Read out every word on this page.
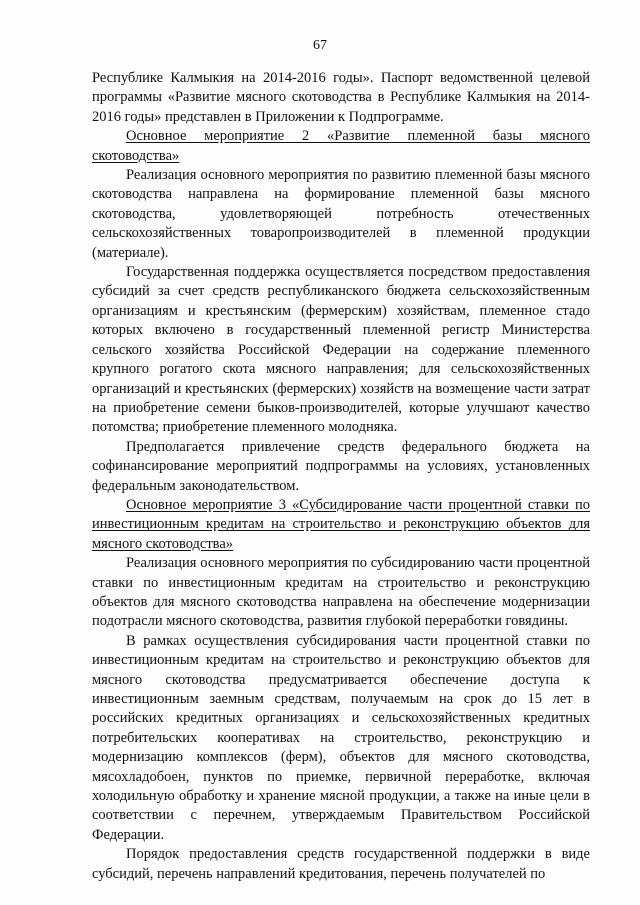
67

Республике Калмыкия на 2014-2016 годы». Паспорт ведомственной целевой программы «Развитие мясного скотоводства в Республике Калмыкия на 2014-2016 годы» представлен в Приложении к Подпрограмме.

Основное мероприятие 2 «Развитие племенной базы мясного скотоводства»

Реализация основного мероприятия по развитию племенной базы мясного скотоводства направлена на формирование племенной базы мясного скотоводства, удовлетворяющей потребность отечественных сельскохозяйственных товаропроизводителей в племенной продукции (материале).

Государственная поддержка осуществляется посредством предоставления субсидий за счет средств республиканского бюджета сельскохозяйственным организациям и крестьянским (фермерским) хозяйствам, племенное стадо которых включено в государственный племенной регистр Министерства сельского хозяйства Российской Федерации на содержание племенного крупного рогатого скота мясного направления; для сельскохозяйственных организаций и крестьянских (фермерских) хозяйств на возмещение части затрат на приобретение семени быков-производителей, которые улучшают качество потомства; приобретение племенного молодняка.

Предполагается привлечение средств федерального бюджета на софинансирование мероприятий подпрограммы на условиях, установленных федеральным законодательством.

Основное мероприятие 3 «Субсидирование части процентной ставки по инвестиционным кредитам на строительство и реконструкцию объектов для мясного скотоводства»

Реализация основного мероприятия по субсидированию части процентной ставки по инвестиционным кредитам на строительство и реконструкцию объектов для мясного скотоводства направлена на обеспечение модернизации подотрасли мясного скотоводства, развития глубокой переработки говядины.

В рамках осуществления субсидирования части процентной ставки по инвестиционным кредитам на строительство и реконструкцию объектов для мясного скотоводства предусматривается обеспечение доступа к инвестиционным заемным средствам, получаемым на срок до 15 лет в российских кредитных организациях и сельскохозяйственных кредитных потребительских кооперативах на строительство, реконструкцию и модернизацию комплексов (ферм), объектов для мясного скотоводства, мясохладобоен, пунктов по приемке, первичной переработке, включая холодильную обработку и хранение мясной продукции, а также на иные цели в соответствии с перечнем, утверждаемым Правительством Российской Федерации.

Порядок предоставления средств государственной поддержки в виде субсидий, перечень направлений кредитования, перечень получателей по
